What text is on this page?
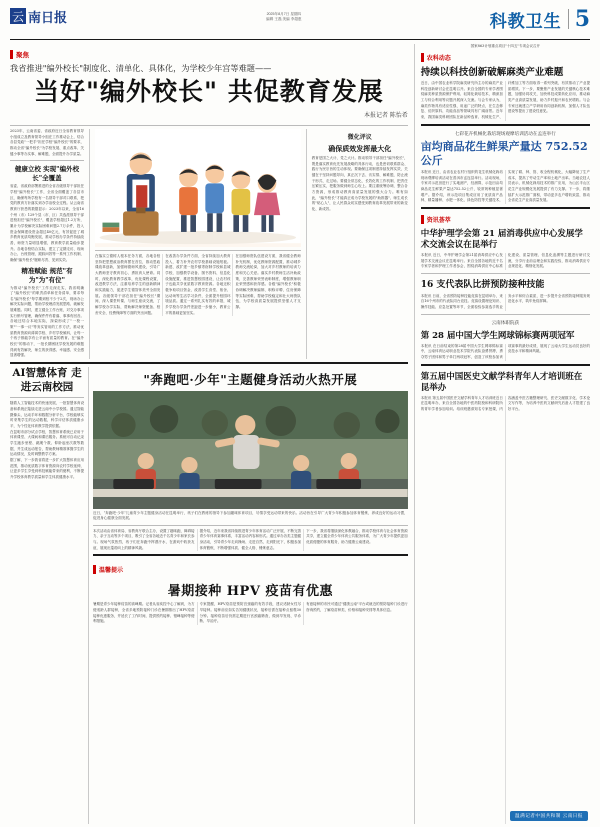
云 南日报	2025年8月7日 星期四
编辑 王磊 美编 李超惠	科教卫生 5
聚焦
我省推进"编外校长"制度化、清单化、具体化，为学校少年宫等难题——
当好"编外校长" 共促教育发展
本报记者 陈怡希
2023年，云南省委、省政府近日全省教育领导小组成立及教育领导小组在工作推动会上，结合各县党政"一把手"担任学校"编外校长"的要求，推动全省"编外校长"为学校发展、重点改革、关键小事等办实事、解难题，全面提升办学质量。
健康立校 实现"编外校长"全覆盖
省委、省政府部署推进的全省各级领导干部担任学校"编外校长"工作，全省全面覆盖了各县市区，确保每所学校有一名领导干部对口联系，把党的教育方针落实到办学治校全过程。从云南省教育厅获悉的数据显示：2023年以来，全省16个州（市）129个县（市、区）共选派领导干部进校担任"编外校长"，覆盖学校超过1.2万所，累计为学校解决实际困难问题2.7万余件，投入资金保障建设资金超过40亿元，有效促进了城乡教育优质均衡发展，推动学校办学条件持续改善，师资力量明显增强，教育教学质量稳步提升。各地各校结合实际，建立了定期走访、现场办公、台账管理、跟踪问效等一系列工作机制，确保"编外校长"履职尽责、见到实效。
精准赋能 规范"有为"为"有位"
为推动"编外校长"工作走深走实，我省明确了"编外校长"的职责清单和任务清单，要求每名"编外校长"每学期到校不少于2次，现场办公解决实际问题，帮助学校理清发展思路、破解发展难题。同时，建立健全工作台账，对交办事项实行销号管理，确保件件有着落、事事有回音。各地还结合本地实际，探索形成了"一校一策""一事一议"等务实管用的工作方法，推动优质教育资源向薄弱学校、乡村学校倾斜，让每一个孩子都能享有公平而有质量的教育。在"编外校长"的推动下，一批长期困扰学校发展的难题得到有效解决，师生的获得感、幸福感、安全感显著增强。
在落实立德树人根本任务方面，各地各校坚持把思想政治教育摆在首位，推动思政课改革创新，加强师德师风建设，引导广大教师坚守教育初心、勇担育人使命。同时，深化教育教学改革，优化课程设置，改进教学方法，注重培养学生的创新精神和实践能力，促进学生德智体美劳全面发展。各级领导干部在担任"编外校长"期间，深入课堂听课、与师生座谈交流，了解学校办学实际，帮助解决师资配备、校舍安全、经费保障等方面的突出问题。
在改善办学条件方面，全省持续加大教育投入，着力补齐农村学校基础设施短板。新建、改扩建一批乡镇寄宿制学校和县城学校，加强教学设备、图书资料、信息化设施配置，推进智慧校园建设，让农村孩子也能共享优质数字教育资源。各地还积极争取项目资金，改善学生食堂、宿舍、运动场等生活学习条件，全面提升校园环境品质。通过一系列扎实有效的举措，城乡学校办学条件差距进一步缩小，教育公平的基础更加坚实。
在加强师资队伍建设方面，我省健全教师补充机制，优化教师资源配置，推动城乡教师交流轮岗，加大对乡村教师的培训力度和关心关爱。落实乡村教师生活补助政策，完善教师荣誉表彰制度，增强教师职业荣誉感和获得感。各级"编外校长"积极协调解决教师编制、职称评聘、住房保障等实际困难，帮助学校稳定和壮大师资队伍，为学校高质量发展提供坚强人才支撑。
微化评议
确保质效发挥最大化
教育是国之大计、党之大计。推动领导干部担任"编外校长"，既是落实教育优先发展战略的具体行动，也是密切联系群众、践行为民宗旨的生动体现。要确保这项制度持续发挥实效，关键在于坚持问题导向，真正沉下去、访实情、解难题，防止流于形式、走过场。要健全常态化、长效化的工作机制，把责任压紧压实，把服务做到师生心坎上。要注重统筹协调，整合各方资源，形成推动教育高质量发展的强大合力。唯有如此，"编外校长"才能真正成为学校发展的"助推器"、师生成长的"贴心人"，让人民群众切实感受到教育改革发展带来的新变化、新成效。
AI智慧体育 走进云南校园
随着人工智能技术的快速发展，一批智慧体育设备和系统正陆续走进云南中小学校园。通过智能摄像头、运动手环和数据分析平台，学校能够实时采集学生的运动数据，科学评估体质健康水平，为个性化体育教学提供依据。
在昆明市部分试点学校，智慧体育系统已应用于体育课堂、大课间和课后服务。系统可自动记录学生跑步里程、跳绳个数、仰卧起坐次数等数据，并生成运动报告，帮助教师精准掌握学生的运动情况，及时调整教学方案。
据了解，下一步我省将进一步扩大智慧体育应用范围，推动优质数字体育资源向农村学校延伸，让更多学生享受到科技赋能带来的便利，不断提升学校体育教学质量和学生体质健康水平。
"奔跑吧·少年"主题健身活动火热开展
近日，"奔跑吧·少年"儿童青少年主题健身活动在昆明举行，孩子们在教练的指导下参加趣味体育项目，尽情享受运动带来的快乐。活动旨在引导广大青少年积极参加体育锻炼，养成良好的运动习惯，促进身心健康全面发展。
本次活动由省体育局、省教育厅联合主办，设置了趣味跑、障碍接力、亲子互动等多个项目，吸引了全省各地近千名青少年和家长参与。现场气氛热烈，孩子们在奔跑中挥洒汗水，在游戏中收获友谊，展现出蓬勃向上的精神风貌。
据介绍，近年来我省持续推进青少年体育活动广泛开展，不断完善青少年体育赛事体系，丰富活动内容和形式。通过举办各类主题健身活动，引导青少年走向操场、走进自然、走到阳光下，积极参加体育锻炼，不断增强体质、健全人格、锤炼意志。
下一步，我省将继续深化体教融合，推动学校体育与社会体育资源共享，建立健全青少年体育公共服务体系，为广大青少年提供更加优质便捷的体育服务，助力健康云南建设。
温馨提示
暑期接种 HPV 疫苗有优惠
暑期是青少年接种疫苗的高峰期。记者从省疾控中心了解到，为方便适龄人群接种，全省多地预防接种门诊在暑期推出了HPV疫苗接种优惠服务，并延长了工作时间，提供预约接种、错峰接种等便利措施。
专家提醒，HPV疫苗是预防宫颈癌的有效手段，建议适龄女性尽早接种。接种前应如实告知健康状况，接种后需在接种点留观30分钟。接种疫苗后仍需定期进行宫颈癌筛查，做到早发现、早诊断、早治疗。
有意接种的市民可通过"健康云南"平台或就近的预防接种门诊进行咨询预约，了解疫苗种类、价格和接种安排等具体信息。
国家863计划重点项目"十四五"专项会议召开
农科动态
持续以科技创新破解麻类产业难题
近日，由中国农业科学院麻类研究所主办的麻类产业科技创新研讨会在昆明召开。来自全国的专家学者围绕麻类种质资源保护利用、轻简化栽培技术、精深加工与综合利用等议题开展深入交流。与会专家认为，麻类作物具有适应性强、用途广泛的特点，在生态修复、纺织原料、功能食品等领域具有广阔前景。近年来，我国麻类科研团队在新品种选育、机械化生产、纤维加工等方面取得一系列突破，有效推动了产业提质增效。下一步，要聚焦产业发展的关键核心技术难题，加强协同攻关，加快科技成果转化应用，推动麻类产业高质量发展，助力乡村振兴和农民增收。与会专家还就建立产学研用协同创新机制、加强人才队伍建设等提出了建设性意见。
七彩花卉机械化栽培现场观摩培训活动在孟连举行
亩均商品花生鲜果产量达 752.52公斤
本报讯 近日，由省农业农村厅组织的花生机械化栽培现场观摩培训活动在普洱市孟连县举行。活动现场，专家对示范田进行了实地测产，经测算，示范田亩均商品花生鲜果产量达752.52公斤，较常规种植显著增产。据介绍，该示范项目集成应用了优质高产品种、精量播种、水肥一体化、绿色防控等关键技术，实现了耕、种、管、收全程机械化，大幅降低了生产成本，提高了劳动生产率和土地产出率。当地农技人员表示，机械化栽培技术的推广应用，为山区半山区花生产业规模化发展提供了有力支撑。下一步，将继续扩大示范推广面积，带动更多农户增收致富，推动全省花生产业高质量发展。
资讯荟萃
中华护理学会第 21 届消毒供应中心发展学术交流会议在昆举行
本报讯 近日，中华护理学会第21届消毒供应中心发展学术交流会议在昆明举行。来自全国各地的近千名专家学者和护理工作者参会，围绕消毒供应中心标准化建设、质量管理、信息化追溯等主题进行研讨交流，分享行业前沿理念和实践经验，推动消毒供应专业规范化、精细化发展。
16 支代表队比拼预防接种技能
本报讯 日前，全省预防接种技能竞赛在昆明举办，来自16个州市的代表队同台竞技。竞赛设置理论知识、操作技能、应急处置等环节，全面检验参赛选手的业务水平和综合素质，进一步提升全省预防接种服务规范化水平，筑牢免疫屏障。
云南体职院获
第 28 届中国大学生网球锦标赛两项冠军
本报讯 在日前结束的第28届中国大学生网球锦标赛中，云南体育运动职业技术学院代表队奋勇拼搏，勇夺男子团体和男子单打两项冠军，创造了该校参加该项赛事的最好成绩，展现了云南大学生运动员良好的竞技水平和精神风貌。
第五届中国医史文献学科青年人才培训班在昆举办
本报讯 第五届中国医史文献学科青年人才培训班近日在昆明举办，来自全国各地的中医药院校和科研院所的青年学者参加培训。培训班邀请知名专家授课，内容涵盖中医古籍整理研究、医史文献数字化、学术论文写作等，为培养中医药文献研究后备人才搭建了良好平台。
温满记者中国共和制 云南日报
